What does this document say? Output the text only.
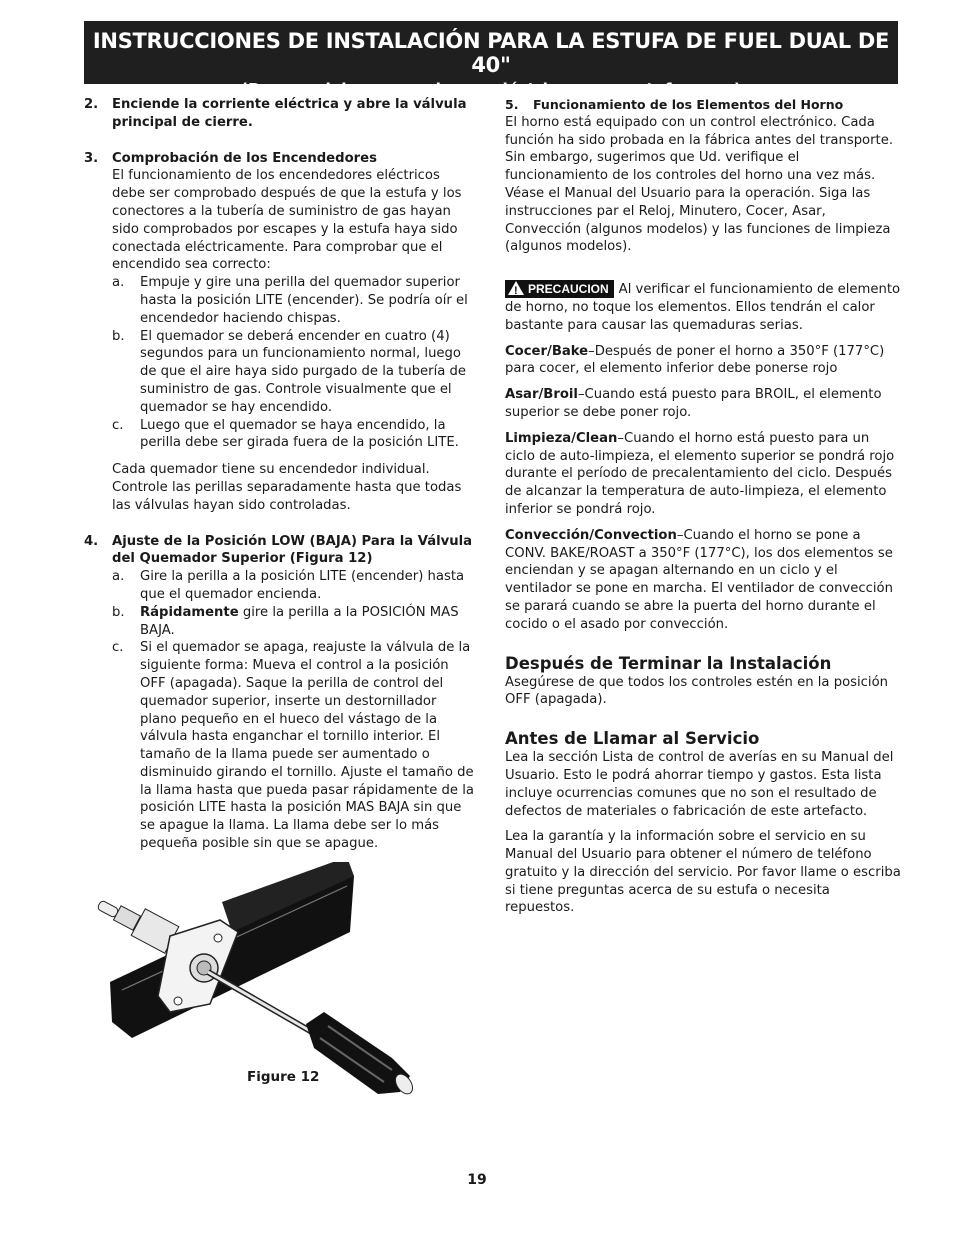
INSTRUCCIONES DE INSTALACIÓN PARA LA ESTUFA DE FUEL DUAL DE 40"
(Para modelos con un horno eléctrico y una estufa a gas)
2. Enciende la corriente eléctrica y abre la válvula principal de cierre.
3. Comprobación de los Encendedores

El funcionamiento de los encendedores eléctricos debe ser comprobado después de que la estufa y los conectores a la tubería de suministro de gas hayan sido comprobados por escapes y la estufa haya sido conectada eléctricamente. Para comprobar que el encendido sea correcto:

a. Empuje y gire una perilla del quemador superior hasta la posición LITE (encender). Se podría oír el encendedor haciendo chispas.
b. El quemador se deberá encender en cuatro (4) segundos para un funcionamiento normal, luego de que el aire haya sido purgado de la tubería de suministro de gas. Controle visualmente que el quemador se hay encendido.
c. Luego que el quemador se haya encendido, la perilla debe ser girada fuera de la posición LITE.

Cada quemador tiene su encendedor individual. Controle las perillas separadamente hasta que todas las válvulas hayan sido controladas.

4. Ajuste de la Posición LOW (BAJA) Para la Válvula del Quemador Superior (Figura 12)
a. Gire la perilla a la posición LITE (encender) hasta que el quemador encienda.
b. Rápidamente gire la perilla a la POSICIÓN MAS BAJA.
c. Si el quemador se apaga, reajuste la válvula de la siguiente forma: Mueva el control a la posición OFF (apagada). Saque la perilla de control del quemador superior, inserte un destornillador plano pequeño en el hueco del vástago de la válvula hasta enganchar el tornillo interior. El tamaño de la llama puede ser aumentado o disminuido girando el tornillo. Ajuste el tamaño de la llama hasta que pueda pasar rápidamente de la posición LITE hasta la posición MAS BAJA sin que se apague la llama. La llama debe ser lo más pequeña posible sin que se apague.
Figure 12
5. Funcionamiento de los Elementos del Horno

El horno está equipado con un control electrónico. Cada función ha sido probada en la fábrica antes del transporte. Sin embargo, sugerimos que Ud. verifique el funcionamiento de los controles del horno una vez más. Véase el Manual del Usuario para la operación. Siga las instrucciones par el Reloj, Minutero, Cocer, Asar, Convección (algunos modelos) y las funciones de limpieza (algunos modelos).

!PRECAUCION Al verificar el funcionamiento de elemento de horno, no toque los elementos. Ellos tendrán el calor bastante para causar las quemaduras serias.

Cocer/Bake–Después de poner el horno a 350°F (177°C) para cocer, el elemento inferior debe ponerse rojo

Asar/Broil–Cuando está puesto para BROIL, el elemento superior se debe poner rojo.

Limpieza/Clean–Cuando el horno está puesto para un ciclo de auto-limpieza, el elemento superior se pondrá rojo durante el período de precalentamiento del ciclo. Después de alcanzar la temperatura de auto-limpieza, el elemento inferior se pondrá rojo.

Convección/Convection–Cuando el horno se pone a CONV. BAKE/ROAST a 350°F (177°C), los dos elementos se enciendan y se apagan alternando en un ciclo y el ventilador se pone en marcha. El ventilador de convección se parará cuando se abre la puerta del horno durante el cocido o el asado por convección.

Después de Terminar la Instalación

Asegúrese de que todos los controles estén en la posición OFF (apagada).

Antes de Llamar al Servicio

Lea la sección Lista de control de averías en su Manual del Usuario. Esto le podrá ahorrar tiempo y gastos. Esta lista incluye ocurrencias comunes que no son el resultado de defectos de materiales o fabricación de este artefacto.

Lea la garantía y la información sobre el servicio en su Manual del Usuario para obtener el número de teléfono gratuito y la dirección del servicio. Por favor llame o escriba si tiene preguntas acerca de su estufa o necesita repuestos.

19
